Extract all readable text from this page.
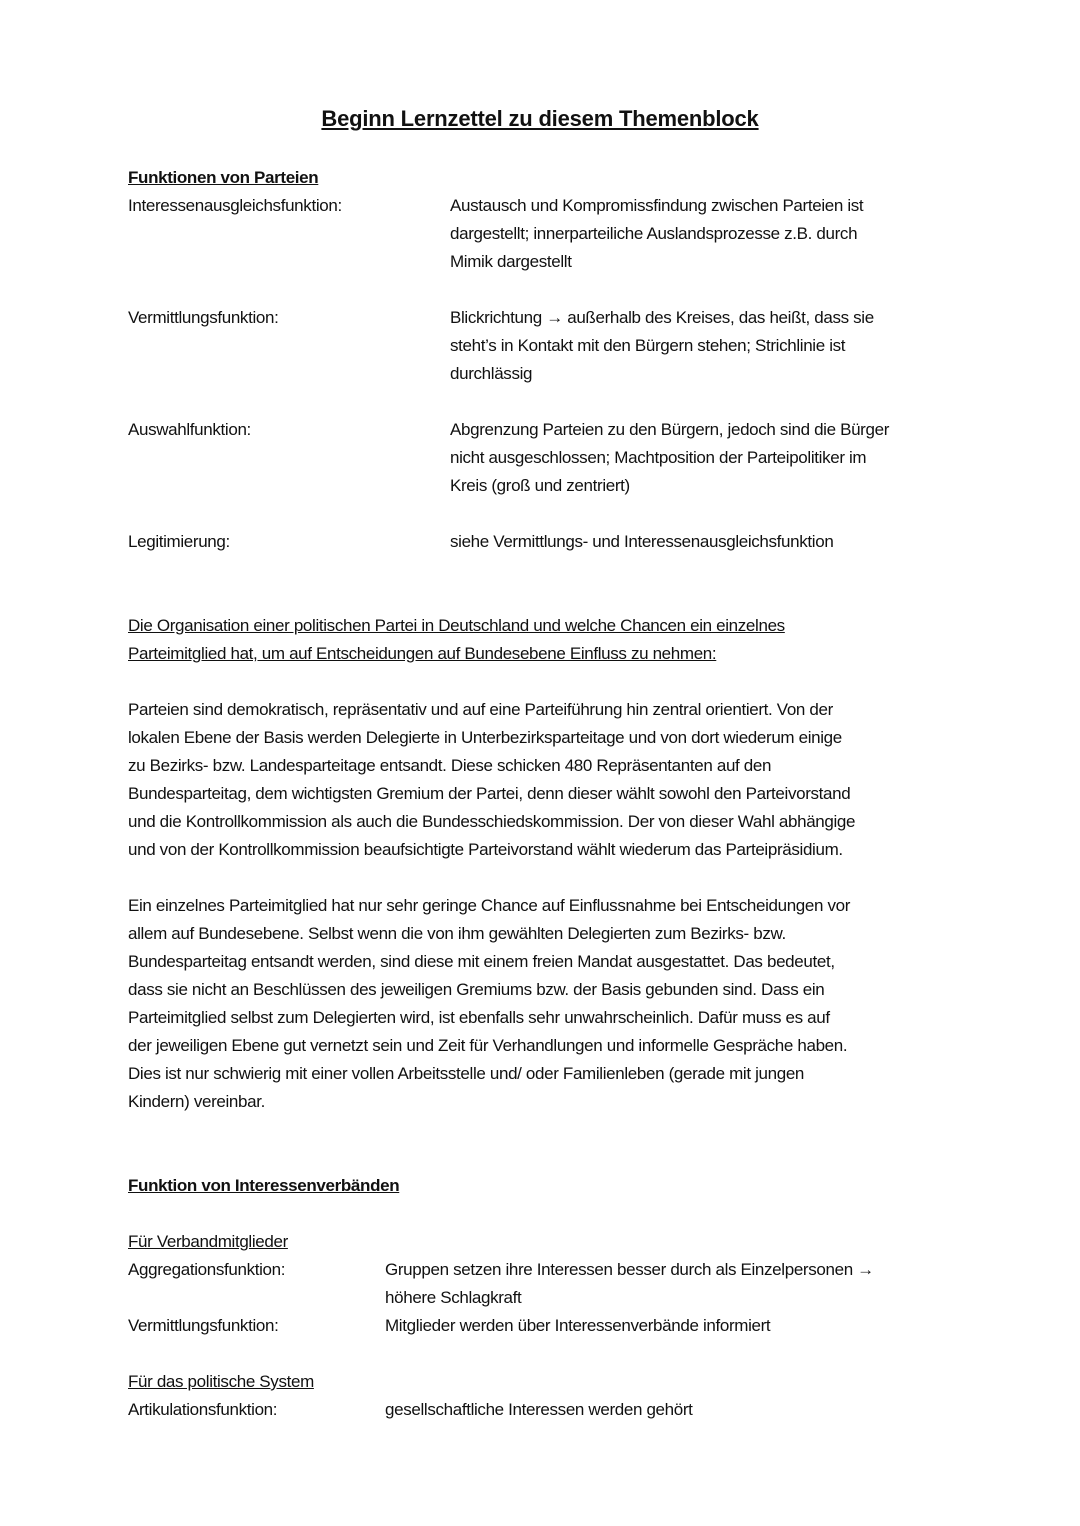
Beginn Lernzettel zu diesem Themenblock
Funktionen von Parteien
Interessenausgleichsfunktion:	Austausch und Kompromissfindung zwischen Parteien ist
dargestellt; innerparteiliche Auslandsprozesse z.B. durch
Mimik dargestellt
Vermittlungsfunktion:	Blickrichtung → außerhalb des Kreises, das heißt, dass sie
steht’s in Kontakt mit den Bürgern stehen; Strichlinie ist
durchlässig
Auswahlfunktion:	Abgrenzung Parteien zu den Bürgern, jedoch sind die Bürger
nicht ausgeschlossen; Machtposition der Parteipolitiker im
Kreis (groß und zentriert)
Legitimierung:	siehe Vermittlungs- und Interessenausgleichsfunktion
Die Organisation einer politischen Partei in Deutschland und welche Chancen ein einzelnes
Parteimitglied hat, um auf Entscheidungen auf Bundesebene Einfluss zu nehmen:
Parteien sind demokratisch, repräsentativ und auf eine Parteiführung hin zentral orientiert. Von der
lokalen Ebene der Basis werden Delegierte in Unterbezirksparteitage und von dort wiederum einige
zu Bezirks- bzw. Landesparteitage entsandt. Diese schicken 480 Repräsentanten auf den
Bundesparteitag, dem wichtigsten Gremium der Partei, denn dieser wählt sowohl den Parteivorstand
und die Kontrollkommission als auch die Bundesschiedskommission. Der von dieser Wahl abhängige
und von der Kontrollkommission beaufsichtigte Parteivorstand wählt wiederum das Parteipräsidium.
Ein einzelnes Parteimitglied hat nur sehr geringe Chance auf Einflussnahme bei Entscheidungen vor
allem auf Bundesebene. Selbst wenn die von ihm gewählten Delegierten zum Bezirks- bzw.
Bundesparteitag entsandt werden, sind diese mit einem freien Mandat ausgestattet. Das bedeutet,
dass sie nicht an Beschlüssen des jeweiligen Gremiums bzw. der Basis gebunden sind. Dass ein
Parteimitglied selbst zum Delegierten wird, ist ebenfalls sehr unwahrscheinlich. Dafür muss es auf
der jeweiligen Ebene gut vernetzt sein und Zeit für Verhandlungen und informelle Gespräche haben.
Dies ist nur schwierig mit einer vollen Arbeitsstelle und/ oder Familienleben (gerade mit jungen
Kindern) vereinbar.
Funktion von Interessenverbänden
Für Verbandmitglieder
Aggregationsfunktion:	Gruppen setzen ihre Interessen besser durch als Einzelpersonen →
höhere Schlagkraft
Vermittlungsfunktion:	Mitglieder werden über Interessenverbände informiert
Für das politische System
Artikulationsfunktion:	gesellschaftliche Interessen werden gehört
